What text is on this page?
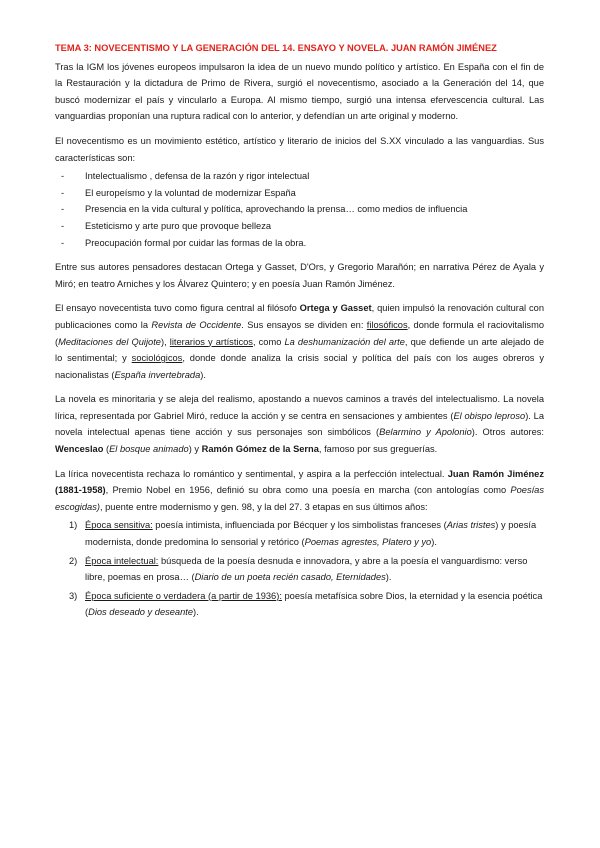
TEMA 3: NOVECENTISMO Y LA GENERACIÓN DEL 14. ENSAYO Y NOVELA. JUAN RAMÓN JIMÉNEZ

Tras la IGM los jóvenes europeos impulsaron la idea de un nuevo mundo político y artístico. En España con el fin de la Restauración y la dictadura de Primo de Rivera, surgió el novecentismo, asociado a la Generación del 14, que buscó modernizar el país y vincularlo a Europa. Al mismo tiempo, surgió una intensa efervescencia cultural. Las vanguardias proponían una ruptura radical con lo anterior, y defendían un arte original y moderno.

El novecentismo es un movimiento estético, artístico y literario de inicios del S.XX vinculado a las vanguardias. Sus características son:

- Intelectualismo , defensa de la razón y rigor intelectual
- El europeísmo y la voluntad de modernizar España
- Presencia en la vida cultural y política, aprovechando la prensa… como medios de influencia
- Esteticismo y arte puro que provoque belleza
- Preocupación formal por cuidar las formas de la obra.

Entre sus autores pensadores destacan Ortega y Gasset, D'Ors, y Gregorio Marañón; en narrativa Pérez de Ayala y Miró; en teatro Arniches y los Álvarez Quintero; y en poesía Juan Ramón Jiménez.

El ensayo novecentista tuvo como figura central al filósofo Ortega y Gasset, quien impulsó la renovación cultural con publicaciones como la Revista de Occidente. Sus ensayos se dividen en: filosóficos, donde formula el raciovitalismo (Meditaciones del Quijote), literarios y artísticos, como La deshumanización del arte, que defiende un arte alejado de lo sentimental; y sociológicos, donde donde analiza la crisis social y política del país con los auges obreros y nacionalistas (España invertebrada).

La novela es minoritaria y se aleja del realismo, apostando a nuevos caminos a través del intelectualismo. La novela lírica, representada por Gabriel Miró, reduce la acción y se centra en sensaciones y ambientes (El obispo leproso). La novela intelectual apenas tiene acción y sus personajes son simbólicos (Belarmino y Apolonio). Otros autores: Wenceslao (El bosque animado) y Ramón Gómez de la Serna, famoso por sus greguerías.

La lírica novecentista rechaza lo romántico y sentimental, y aspira a la perfección intelectual. Juan Ramón Jiménez (1881-1958), Premio Nobel en 1956, definió su obra como una poesía en marcha (con antologías como Poesías escogidas), puente entre modernismo y gen. 98, y la del 27. 3 etapas en sus últimos años:

1) Época sensitiva: poesía intimista, influenciada por Bécquer y los simbolistas franceses (Arias tristes) y poesía modernista, donde predomina lo sensorial y retórico (Poemas agrestes, Platero y yo).
2) Época intelectual: búsqueda de la poesía desnuda e innovadora, y abre a la poesía el vanguardismo: verso libre, poemas en prosa… (Diario de un poeta recién casado, Eternidades).
3) Época suficiente o verdadera (a partir de 1936): poesía metafísica sobre Dios, la eternidad y la esencia poética (Dios deseado y deseante).
